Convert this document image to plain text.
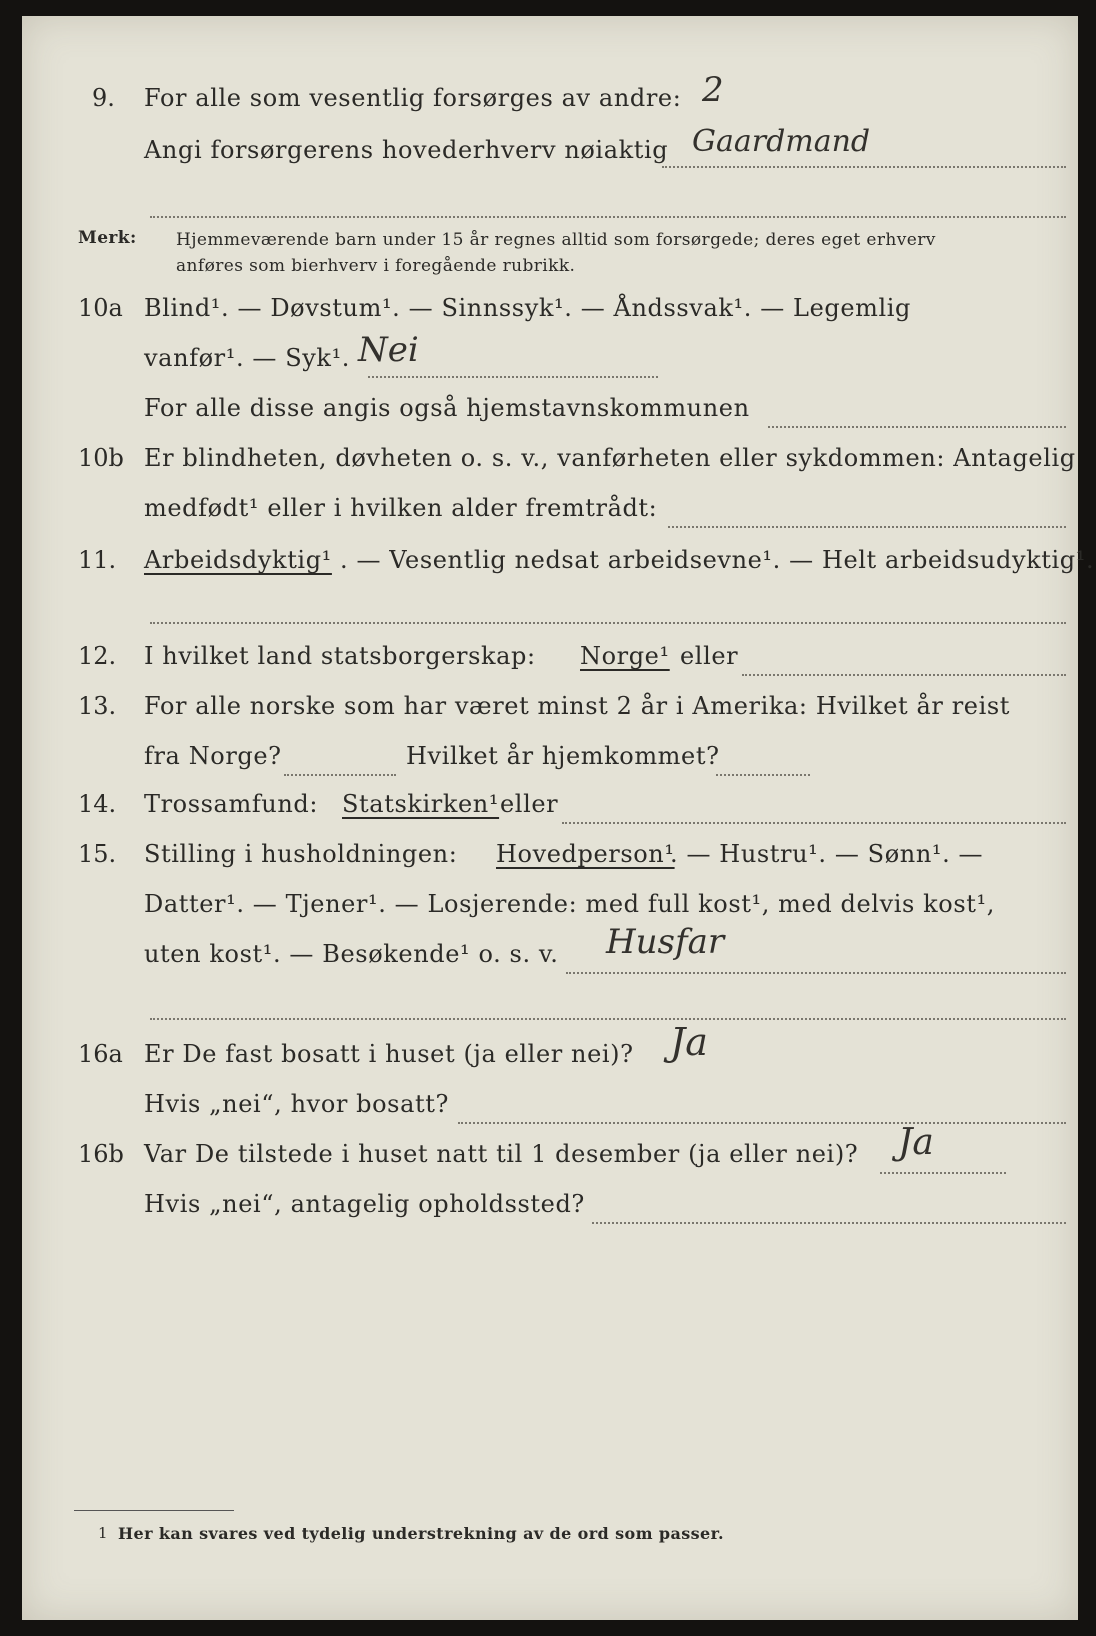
9. For alle som vesentlig forsørges av andre: 2
Angi forsørgerens hovederhverv nøiaktig Gaardmand
Merk: Hjemmeværende barn under 15 år regnes alltid som forsørgede; deres eget erhverv
anføres som bierhverv i foregående rubrikk.
10a Blind¹. — Døvstum¹. — Sinnssyk¹. — Åndssvak¹. — Legemlig
vanfør¹. — Syk¹. Nei
For alle disse angis også hjemstavnskommunen
10b Er blindheten, døvheten o. s. v., vanførheten eller sykdommen: Antagelig
medfødt¹ eller i hvilken alder fremtrådt:
11. Arbeidsdyktig¹ . — Vesentlig nedsat arbeidsevne¹. — Helt arbeidsudyktig¹.
12. I hvilket land statsborgerskap: Norge¹ eller
13. For alle norske som har været minst 2 år i Amerika: Hvilket år reist
fra Norge?	Hvilket år hjemkommet?
14. Trossamfund: Statskirken¹ eller
15. Stilling i husholdningen: Hovedperson¹
. — Hustru¹. — Sønn¹. —
Datter¹. — Tjener¹. — Losjerende: med full kost¹, med delvis kost¹,
uten kost¹. — Besøkende¹ o. s. v. Husfar
16a Er De fast bosatt i huset (ja eller nei)? Ja
Hvis „nei“, hvor bosatt?
16b Var De tilstede i huset natt til 1 desember (ja eller nei)? Ja
Hvis „nei“, antagelig opholdssted?
1 Her kan svares ved tydelig understrekning av de ord som passer.
